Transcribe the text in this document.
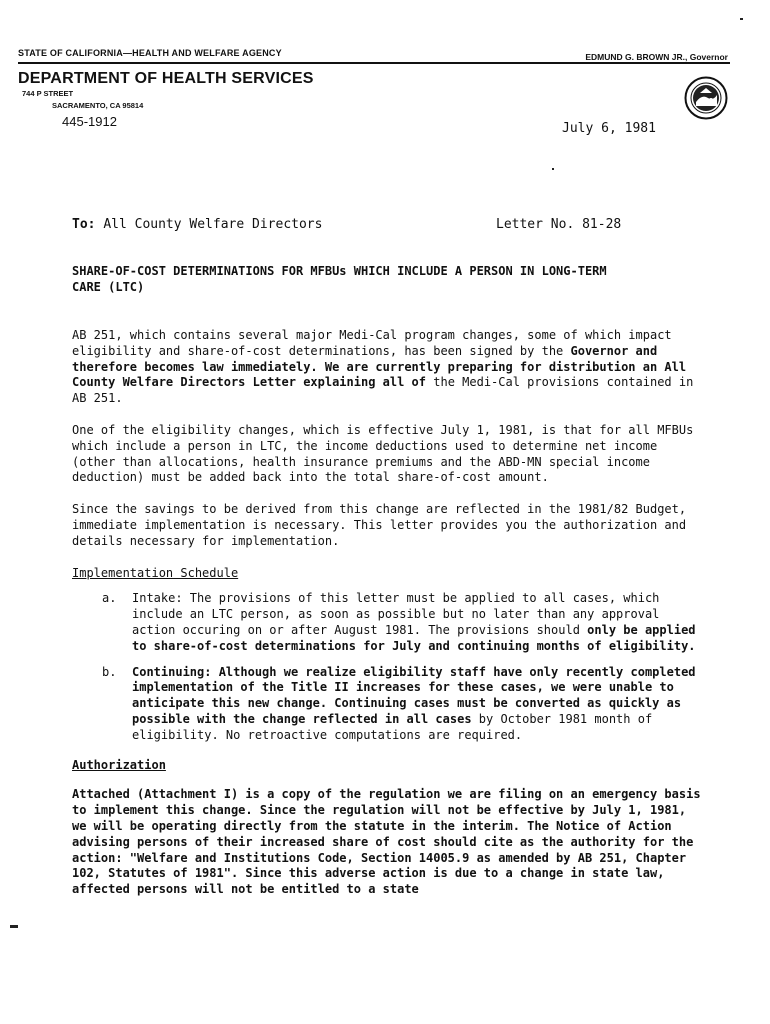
STATE OF CALIFORNIA—HEALTH AND WELFARE AGENCY	EDMUND G. BROWN JR., Governor
DEPARTMENT OF HEALTH SERVICES
744 P STREET
SACRAMENTO, CA 95814
445-1912	July 6, 1981
To: All County Welfare Directors	Letter No. 81-28
SHARE-OF-COST DETERMINATIONS FOR MFBUs WHICH INCLUDE A PERSON IN LONG-TERM CARE (LTC)

AB 251, which contains several major Medi-Cal program changes, some of which impact eligibility and share-of-cost determinations, has been signed by the Governor and therefore becomes law immediately. We are currently preparing for distribution an All County Welfare Directors Letter explaining all of the Medi-Cal provisions contained in AB 251.

One of the eligibility changes, which is effective July 1, 1981, is that for all MFBUs which include a person in LTC, the income deductions used to determine net income (other than allocations, health insurance premiums and the ABD-MN special income deduction) must be added back into the total share-of-cost amount.

Since the savings to be derived from this change are reflected in the 1981/82 Budget, immediate implementation is necessary. This letter provides you the authorization and details necessary for implementation.

Implementation Schedule
a.	Intake: The provisions of this letter must be applied to all cases, which include an LTC person, as soon as possible but no later than any approval action occuring on or after August 1981. The provisions should only be applied to share-of-cost determinations for July and continuing months of eligibility.
b.	Continuing: Although we realize eligibility staff have only recently completed implementation of the Title II increases for these cases, we were unable to anticipate this new change. Continuing cases must be converted as quickly as possible with the change reflected in all cases by October 1981 month of eligibility. No retroactive computations are required.
Authorization

Attached (Attachment I) is a copy of the regulation we are filing on an emergency basis to implement this change. Since the regulation will not be effective by July 1, 1981, we will be operating directly from the statute in the interim. The Notice of Action advising persons of their increased share of cost should cite as the authority for the action: "Welfare and Institutions Code, Section 14005.9 as amended by AB 251, Chapter 102, Statutes of 1981". Since this adverse action is due to a change in state law, affected persons will not be entitled to a state
